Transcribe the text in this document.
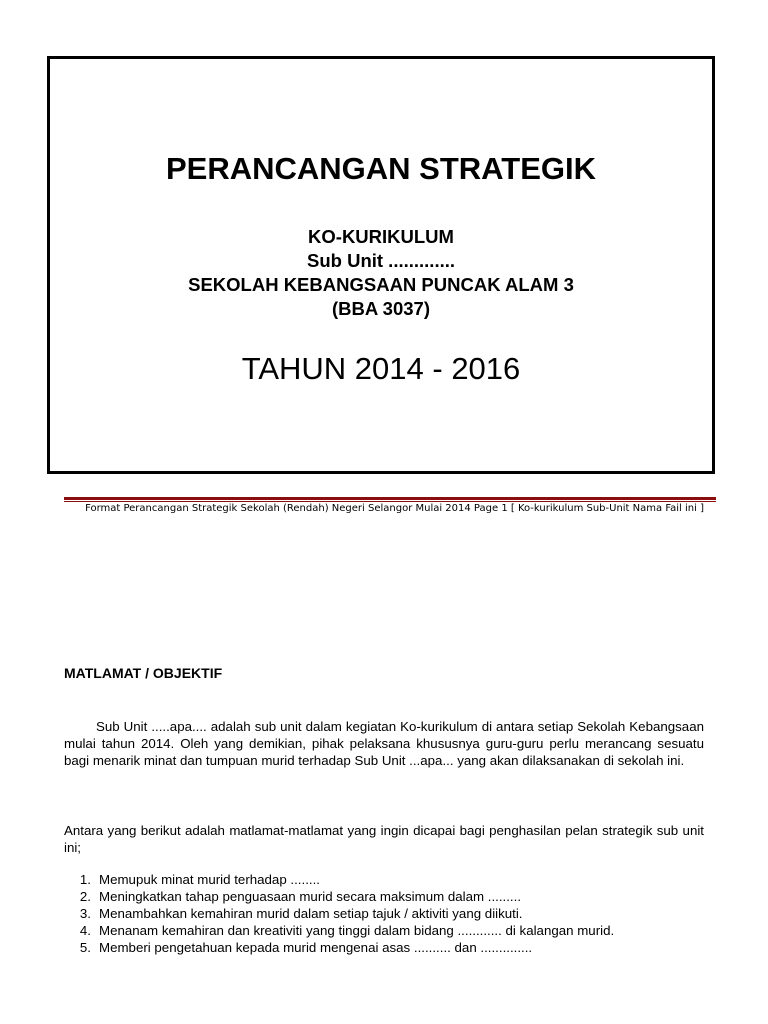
PERANCANGAN STRATEGIK
KO-KURIKULUM
Sub Unit .............
SEKOLAH KEBANGSAAN PUNCAK ALAM 3
(BBA 3037)
TAHUN 2014 - 2016
Format Perancangan Strategik Sekolah (Rendah) Negeri Selangor Mulai 2014 Page 1 [ Ko-kurikulum Sub-Unit Nama Fail ini ]
MATLAMAT / OBJEKTIF

Sub Unit .....apa.... adalah sub unit dalam kegiatan Ko-kurikulum di antara setiap Sekolah Kebangsaan mulai tahun 2014. Oleh yang demikian, pihak pelaksana khususnya guru-guru perlu merancang sesuatu bagi menarik minat dan tumpuan murid terhadap Sub Unit ...apa... yang akan dilaksanakan di sekolah ini.

Antara yang berikut adalah matlamat-matlamat yang ingin dicapai bagi penghasilan pelan strategik sub unit ini;

1. Memupuk minat murid terhadap ........
2. Meningkatkan tahap penguasaan murid secara maksimum dalam .........
3. Menambahkan kemahiran murid dalam setiap tajuk / aktiviti yang diikuti.
4. Menanam kemahiran dan kreativiti yang tinggi dalam bidang ............ di kalangan murid.
5. Memberi pengetahuan kepada murid mengenai asas .......... dan ..............
